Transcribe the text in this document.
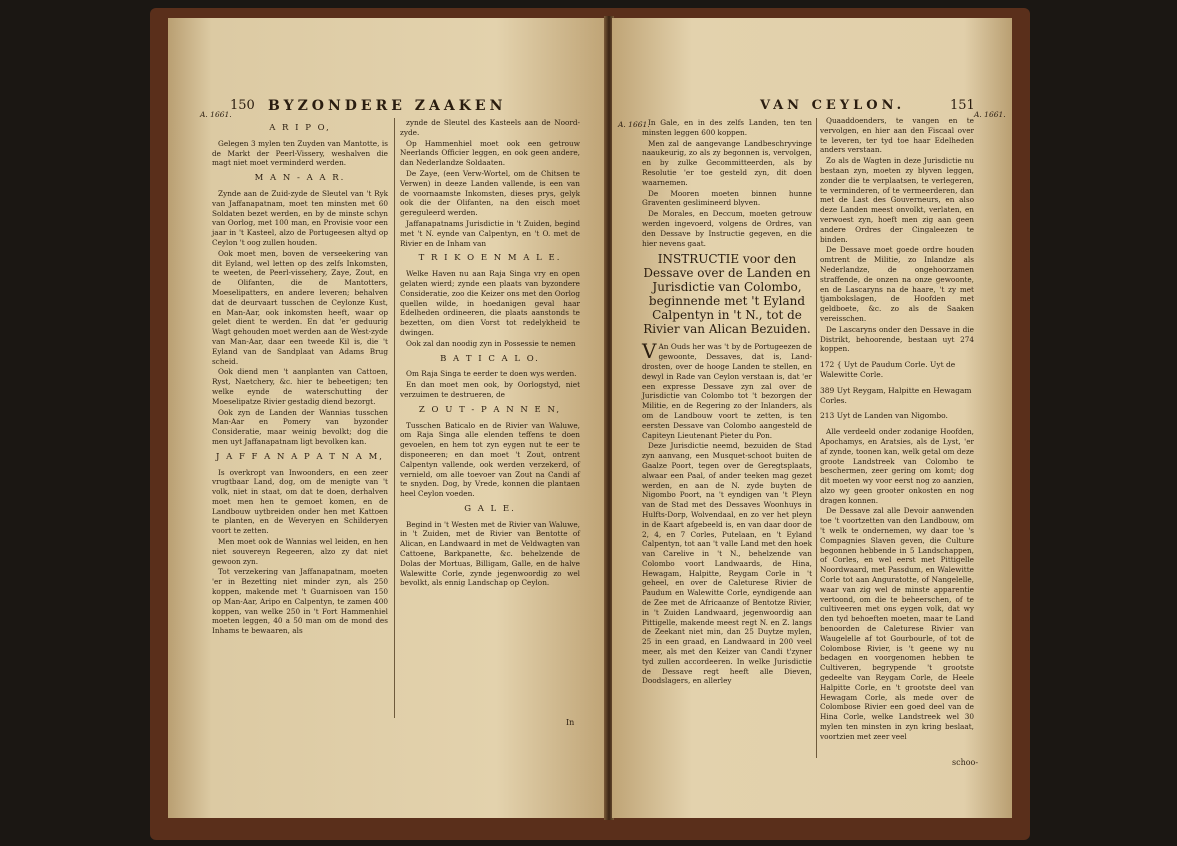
150 BYZONDERE ZAAKEN
A. 1661.
A R I P O,

Gelegen 3 mylen ten Zuyden van Mantotte, is de Markt der Peerl-Vissery, weshalven die magt niet moet verminderd werden.

M A N - A A R.

Zynde aan de Zuid-zyde de Sleutel van 't Ryk van Jaffanapatnam, moet ten minsten met 60 Soldaten bezet werden, en by de minste schyn van Oorlog, met 100 man, en Provisie voor een jaar in 't Kasteel, alzo de Portugeesen altyd op Ceylon 't oog zullen houden.

Ook moet men, boven de verseekering van dit Eyland, wel letten op des zelfs Inkomsten, te weeten, de Peerl-vissehery, Zaye, Zout, en de Olifanten, die de Mantotters, Moeselipatters, en andere leveren; behalven dat de deurvaart tusschen de Ceylonze Kust, en Man-Aar, ook inkomsten heeft, waar op gelet dient te werden. En dat 'er geduurig Wagt gehouden moet werden aan de West-zyde van Man-Aar, daar een tweede Kil is, die 't Eyland van de Sandplaat van Adams Brug scheid.

Ook diend men 't aanplanten van Cattoen, Ryst, Naetchery, &c. hier te bebeetigen; ten welke eynde de waterschutting der Moeselipatze Rivier gestadig diend bezorgt.

Ook zyn de Landen der Wannias tusschen Man-Aar en Pomery van byzonder Consideratie, maar weinig bevolkt; dog die men uyt Jaffanapatnam ligt bevolken kan.

J A F F A N A P A T N A M,

Is overkropt van Inwoonders, en een zeer vrugtbaar Land, dog, om de menigte van 't volk, niet in staat, om dat te doen, derhalven moet men hen te gemoet komen, en de Landbouw uytbreiden onder hen met Kattoen te planten, en de Weveryen en Schilderyen voort te zetten.

Men moet ook de Wannias wel leiden, en hen niet souvereyn Regeeren, alzo zy dat niet gewoon zyn.

Tot verzekering van Jaffanapatnam, moeten 'er in Bezetting niet minder zyn, als 250 koppen, makende met 't Guarnisoen van 150 op Man-Aar, Aripo en Calpentyn, te zamen 400 koppen, van welke 250 in 't Fort Hammenhiel moeten leggen, 40 a 50 man om de mond des Inhams te bewaaren, als

zynde de Sleutel des Kasteels aan de Noord-zyde.

Op Hammenhiel moet ook een getrouw Neerlands Officier leggen, en ook geen andere, dan Nederlandze Soldaaten.

De Zaye, (een Verw-Wortel, om de Chitsen te Verwen) in deeze Landen vallende, is een van de voornaamste Inkomsten, dieses prys, gelyk ook die der Olifanten, na den eisch moet gereguleerd werden.

Jaffanapatnams Jurisdictie in 't Zuiden, begind met 't N. eynde van Calpentyn, en 't O. met de Rivier en de Inham van

T R I K O E N M A L E.

Welke Haven nu aan Raja Singa vry en open gelaten wierd; zynde een plaats van byzondere Consideratie, zoo die Keizer ons met den Oorlog quellen wilde, in hoedanigen geval haar Edelheden ordineeren, die plaats aanstonds te bezetten, om dien Vorst tot redelykheid te dwingen.

Ook zal dan noodig zyn in Possessie te nemen

B A T I C A L O.

Om Raja Singa te eerder te doen wys werden.

En dan moet men ook, by Oorlogstyd, niet verzuimen te destrueren, de

Z O U T - P A N N E N,

Tusschen Baticalo en de Rivier van Waluwe, om Raja Singa alle elenden teffens te doen gevoelen, en hem tot zyn eygen nut te eer te disponeeren; en dan moet 't Zout, ontrent Calpentyn vallende, ook werden verzekerd, of vernield, om alle toevoer van Zout na Candi af te snyden. Dog, by Vrede, konnen die plantaen heel Ceylon voeden.

G A L E.

Begind in 't Westen met de Rivier van Waluwe, in 't Zuiden, met de Rivier van Bentotte of Alican, en Landwaard in met de Veldwagten van Cattoene, Barkpanette, &c. behelzende de Dolas der Mortuas, Billigam, Galle, en de halve Walewitte Corle, zynde jegenwoordig zo wel bevolkt, als ennig Landschap op Ceylon.

In
VAN CEYLON.	151
A. 1661.
A. 1661.

In Gale, en in des zelfs Landen, ten ten minsten leggen 600 koppen.

Men zal de aangevange Landbeschryvinge naaukeurig, zo als zy begonnen is, vervolgen, en by zulke Gecommitteerden, als by Resolutie 'er toe gesteld zyn, dit doen waarnemen.

De Mooren moeten binnen hunne Graventen geslimineerd blyven.

De Morales, en Deccum, moeten getrouw werden ingevoerd, volgens de Ordres, van den Dessave by Instructie gegeven, en die hier nevens gaat.

INSTRUCTIE voor den Dessave over de Landen en Jurisdictie van Colombo, beginnende met 't Eyland Calpentyn in 't N., tot de Rivier van Alican Bezuiden.

V An Ouds her was 't by de Portugeezen de gewoonte, Dessaves, dat is, Land-drosten, over de hooge Landen te stellen, en dewyl in Rade van Ceylon verstaan is, dat 'er een expresse Dessave zyn zal over de Jurisdictie van Colombo tot 't bezorgen der Militie, en de Regering zo der Inlanders, als om de Landbouw voort te zetten, is ten eersten Dessave van Colombo aangesteld de Capiteyn Lieutenant Pieter du Pon.

Deze Jurisdictie neemd, bezuiden de Stad zyn aanvang, een Musquet-schoot buiten de Gaalze Poort, tegen over de Geregtsplaats, alwaar een Paal, of ander teeken mag gezet werden, en aan de N. zyde buyten de Nigombo Poort, na 't eyndigen van 't Pleyn van de Stad met des Dessaves Woonhuys in Hulfts-Dorp, Wolvendaal, en zo ver het pleyn in de Kaart afgebeeld is, en van daar door de 2, 4, en 7 Corles, Putelaan, en 't Eyland Calpentyn, tot aan 't valle Land met den hoek van Carelive in 't N., behelzende van Colombo voort Landwaards, de Hina, Hewagam, Halpitte, Reygam Corle in 't geheel, en over de Caleturese Rivier de Paudum en Walewitte Corle, eyndigende aan de Zee met de Africaanze of Bentotze Rivier, in 't Zuiden Landwaard, jegenwoordig aan Pittigelle, makende meest regt N. en Z. langs de Zeekant niet min, dan 25 Duytze mylen, 25 in een graad, en Landwaard in 200 veel meer, als met den Keizer van Candi t'zyner tyd zullen accordeeren. In welke Jurisdictie de Dessave regt heeft alle Dieven, Doodslagers, en allerley

Quaaddoenders, te vangen en te vervolgen, en hier aan den Fiscaal over te leveren, ter tyd toe haar Edelheden anders verstaan.

Zo als de Wagten in deze Jurisdictie nu bestaan zyn, moeten zy blyven leggen, zonder die te verplaatsen, te verlegeren, te verminderen, of te vermeerderen, dan met de Last des Gouverneurs, en also deze Landen meest onvolkt, verlaten, en verwoest zyn, hoeft men zig aan geen andere Ordres der Cingaleezen te binden.

De Dessave moet goede ordre houden omtrent de Militie, zo Inlandze als Nederlandze, de ongehoorzamen straffende, de onzen na onze gewoonte, en de Lascaryns na de haare, 't zy met tjambokslagen, de Hoofden met geldboete, &c. zo als de Saaken vereisschen.

De Lascaryns onder den Dessave in die Distrikt, behoorende, bestaan uyt 274 koppen.

172 { Uyt de Paudum Corle. Uyt de Walewitte Corle.

389 Uyt Reygam, Halpitte en Hewagam Corles.

213 Uyt de Landen van Nigombo.

Alle verdeeld onder zodanige Hoofden, Apochamys, en Aratsies, als de Lyst, 'er af zynde, toonen kan, welk getal om deze groote Landstreek van Colombo te beschermen, zeer gering om komt; dog dit moeten wy voor eerst nog zo aanzien, alzo wy geen grooter onkosten en nog dragen konnen.

De Dessave zal alle Devoir aanwenden toe 't voortzetten van den Landbouw, om 't welk te ondernemen, wy daar toe 's Compagnies Slaven geven, die Culture begonnen hebbende in 5 Landschappen, of Corles, en wel eerst met Pittigelle Noordwaard, met Passdum, en Walewitte Corle tot aan Anguratotte, of Nangelelle, waar van zig wel de minste apparentie vertoond, om die te beheerschen, of te cultiveeren met ons eygen volk, dat wy den tyd behoeften moeten, maar te Land benoorden de Caleturese Rivier van Waugelelle af tot Gourbourle, of tot de Colombose Rivier, is 't geene wy nu bedagen en voorgenomen hebben te Cultiveren, begrypende 't grootste gedeelte van Reygam Corle, de Heele Halpitte Corle, en 't grootste deel van Hewagam Corle, als mede over de Colombose Rivier een goed deel van de Hina Corle, welke Landstreek wel 30 mylen ten minsten in zyn kring beslaat, voortzien met zeer veel

schoo-
